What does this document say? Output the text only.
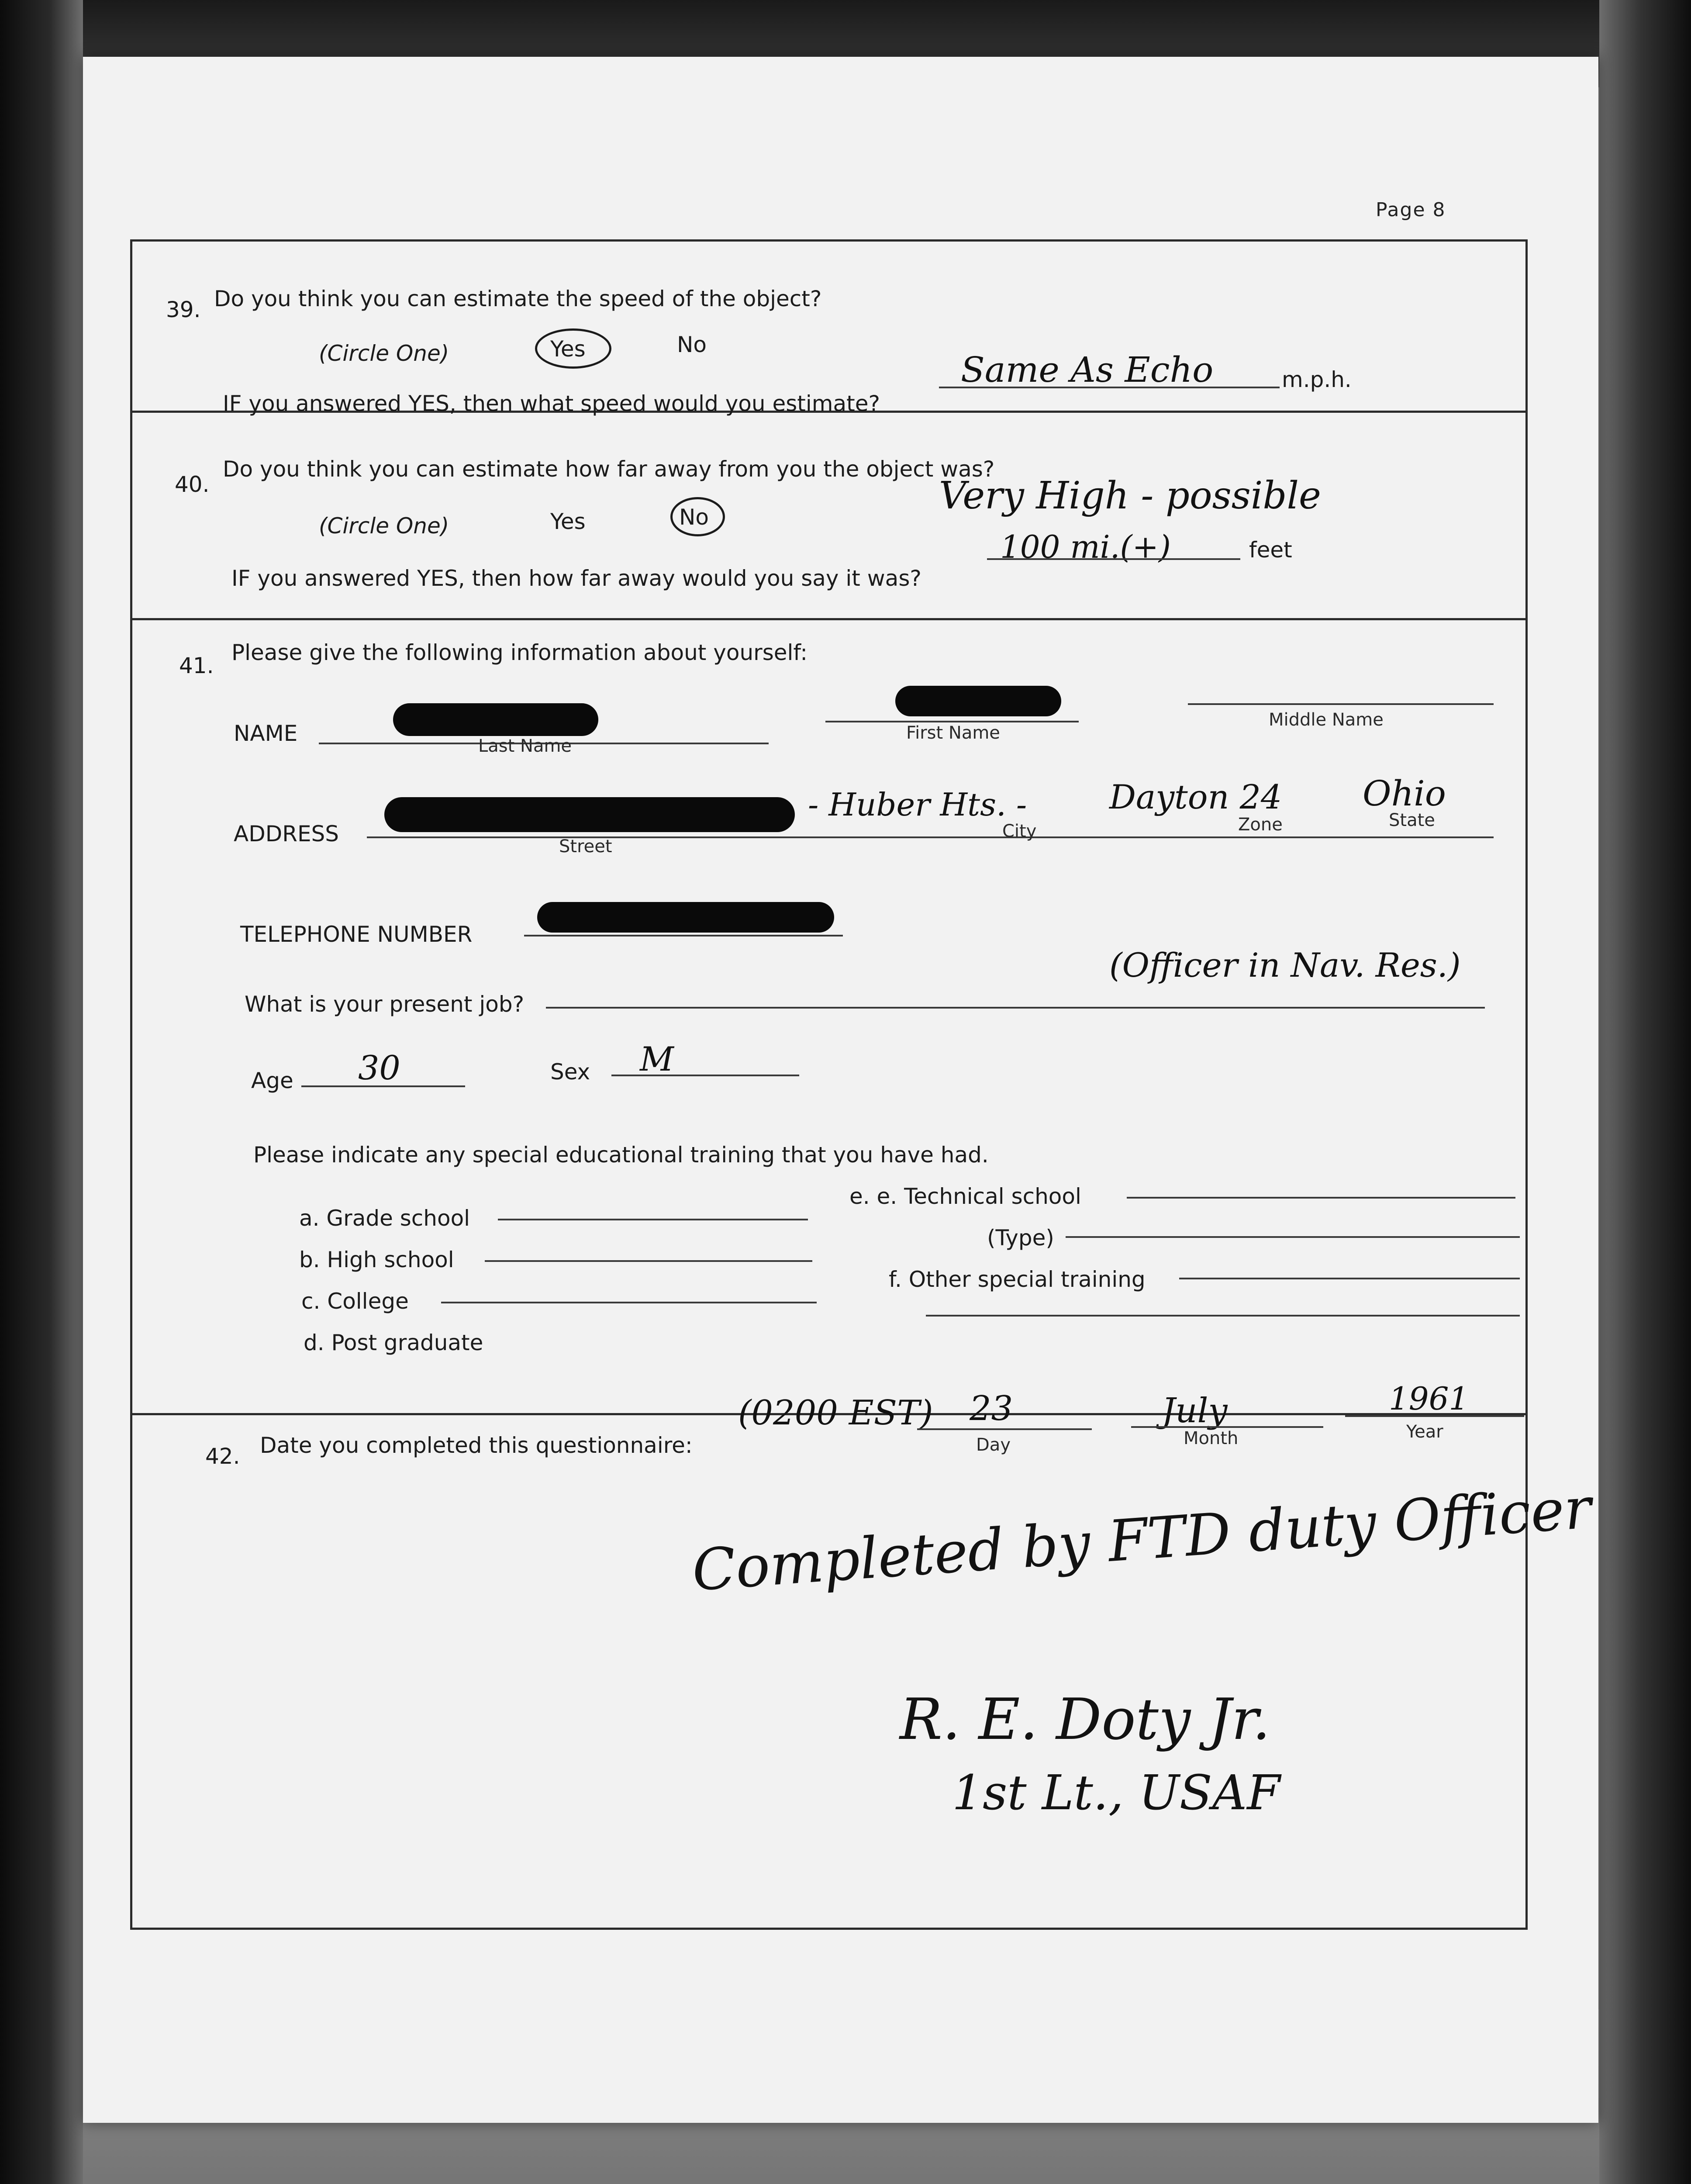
Page 8
39. Do you think you can estimate the speed of the object?
(Circle One)	Yes	No
IF you answered YES, then what speed would you estimate?
Same As Echo	m.p.h.
40.
Do you think you can estimate how far away from you the object was?
(Circle One)	Yes	No	Very High - possible
IF you answered YES, then how far away would you say it was?
100 mi.(+)	feet
41.
Please give the following information about yourself:
NAME	Last Name
First Name
Middle Name
ADDRESS	Street
- Huber Hts. -
City
Dayton 24
Zone
Ohio
State
TELEPHONE NUMBER
What is your present job?
(Officer in Nav. Res.)
Age 30	Sex M
Please indicate any special educational training that you have had.
a. Grade school
b. High school
c. College
d. Post graduate
e. e. Technical school
(Type)
f. Other special training
42. Date you completed this questionnaire:
(0200 EST) 23
Day
July
Month
1961
Year
Completed by FTD duty Officer
R. E. Doty Jr.
1st Lt., USAF
